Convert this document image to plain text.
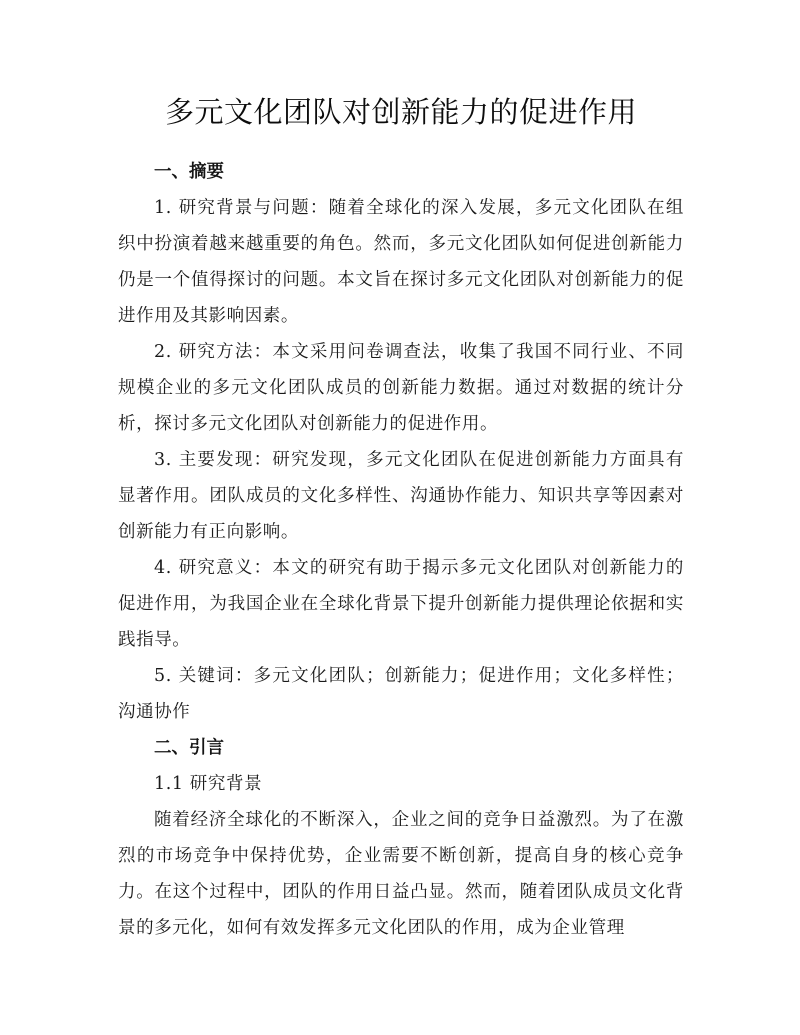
多元文化团队对创新能力的促进作用

一、摘要

1. 研究背景与问题：随着全球化的深入发展，多元文化团队在组织中扮演着越来越重要的角色。然而，多元文化团队如何促进创新能力仍是一个值得探讨的问题。本文旨在探讨多元文化团队对创新能力的促进作用及其影响因素。

2. 研究方法：本文采用问卷调查法，收集了我国不同行业、不同规模企业的多元文化团队成员的创新能力数据。通过对数据的统计分析，探讨多元文化团队对创新能力的促进作用。

3. 主要发现：研究发现，多元文化团队在促进创新能力方面具有显著作用。团队成员的文化多样性、沟通协作能力、知识共享等因素对创新能力有正向影响。

4. 研究意义：本文的研究有助于揭示多元文化团队对创新能力的促进作用，为我国企业在全球化背景下提升创新能力提供理论依据和实践指导。

5. 关键词：多元文化团队；创新能力；促进作用；文化多样性；沟通协作

二、引言

1.1 研究背景

随着经济全球化的不断深入，企业之间的竞争日益激烈。为了在激烈的市场竞争中保持优势，企业需要不断创新，提高自身的核心竞争力。在这个过程中，团队的作用日益凸显。然而，随着团队成员文化背景的多元化，如何有效发挥多元文化团队的作用，成为企业管理
